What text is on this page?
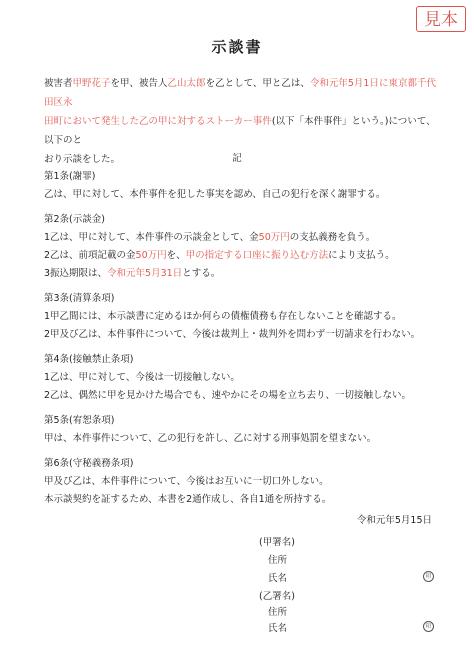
見本
示談書
被害者甲野花子を甲、被告人乙山太郎を乙として、甲と乙は、令和元年5月1日に東京都千代田区永
田町において発生した乙の甲に対するストーカー事件(以下「本件事件」という。)について、以下のと
おり示談をした。	記
第1条(謝罪)
乙は、甲に対して、本件事件を犯した事実を認め、自己の犯行を深く謝罪する。
第2条(示談金)
1乙は、甲に対して、本件事件の示談金として、金50万円の支払義務を負う。
2乙は、前項記載の金50万円を、甲の指定する口座に振り込む方法により支払う。
3振込期限は、令和元年5月31日とする。
第3条(清算条項)
1甲乙間には、本示談書に定めるほか何らの債権債務も存在しないことを確認する。
2甲及び乙は、本件事件について、今後は裁判上・裁判外を問わず一切請求を行わない。
第4条(接触禁止条項)
1乙は、甲に対して、今後は一切接触しない。
2乙は、偶然に甲を見かけた場合でも、速やかにその場を立ち去り、一切接触しない。
第5条(宥恕条項)
甲は、本件事件について、乙の犯行を許し、乙に対する刑事処罰を望まない。
第6条(守秘義務条項)
甲及び乙は、本件事件について、今後はお互いに一切口外しない。
本示談契約を証するため、本書を2通作成し、各自1通を所持する。
令和元年5月15日
(甲署名)
住所
氏名	印
(乙署名)
住所
氏名	印
